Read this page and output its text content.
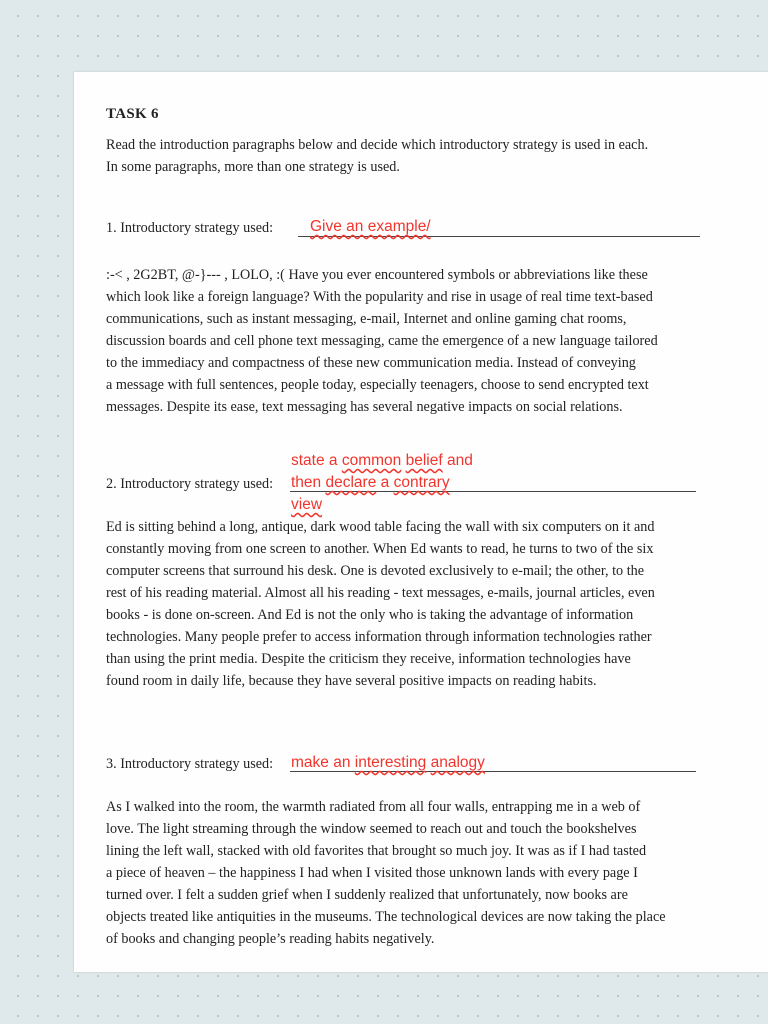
TASK 6
Read the introduction paragraphs below and decide which introductory strategy is used in each.
In some paragraphs, more than one strategy is used.
1. Introductory strategy used: Give an example/
:-< , 2G2BT, @-}--- , LOLO, :( Have you ever encountered symbols or abbreviations like these
which look like a foreign language? With the popularity and rise in usage of real time text-based
communications, such as instant messaging, e-mail, Internet and online gaming chat rooms,
discussion boards and cell phone text messaging, came the emergence of a new language tailored
to the immediacy and compactness of these new communication media. Instead of conveying
a message with full sentences, people today, especially teenagers, choose to send encrypted text
messages. Despite its ease, text messaging has several negative impacts on social relations.
2. Introductory strategy used:
state a common belief and
then declare a contrary
view
Ed is sitting behind a long, antique, dark wood table facing the wall with six computers on it and
constantly moving from one screen to another. When Ed wants to read, he turns to two of the six
computer screens that surround his desk. One is devoted exclusively to e-mail; the other, to the
rest of his reading material. Almost all his reading - text messages, e-mails, journal articles, even
books - is done on-screen. And Ed is not the only who is taking the advantage of information
technologies. Many people prefer to access information through information technologies rather
than using the print media. Despite the criticism they receive, information technologies have
found room in daily life, because they have several positive impacts on reading habits.
3. Introductory strategy used: make an interesting analogy
As I walked into the room, the warmth radiated from all four walls, entrapping me in a web of
love. The light streaming through the window seemed to reach out and touch the bookshelves
lining the left wall, stacked with old favorites that brought so much joy. It was as if I had tasted
a piece of heaven – the happiness I had when I visited those unknown lands with every page I
turned over. I felt a sudden grief when I suddenly realized that unfortunately, now books are
objects treated like antiquities in the museums. The technological devices are now taking the place
of books and changing people’s reading habits negatively.
